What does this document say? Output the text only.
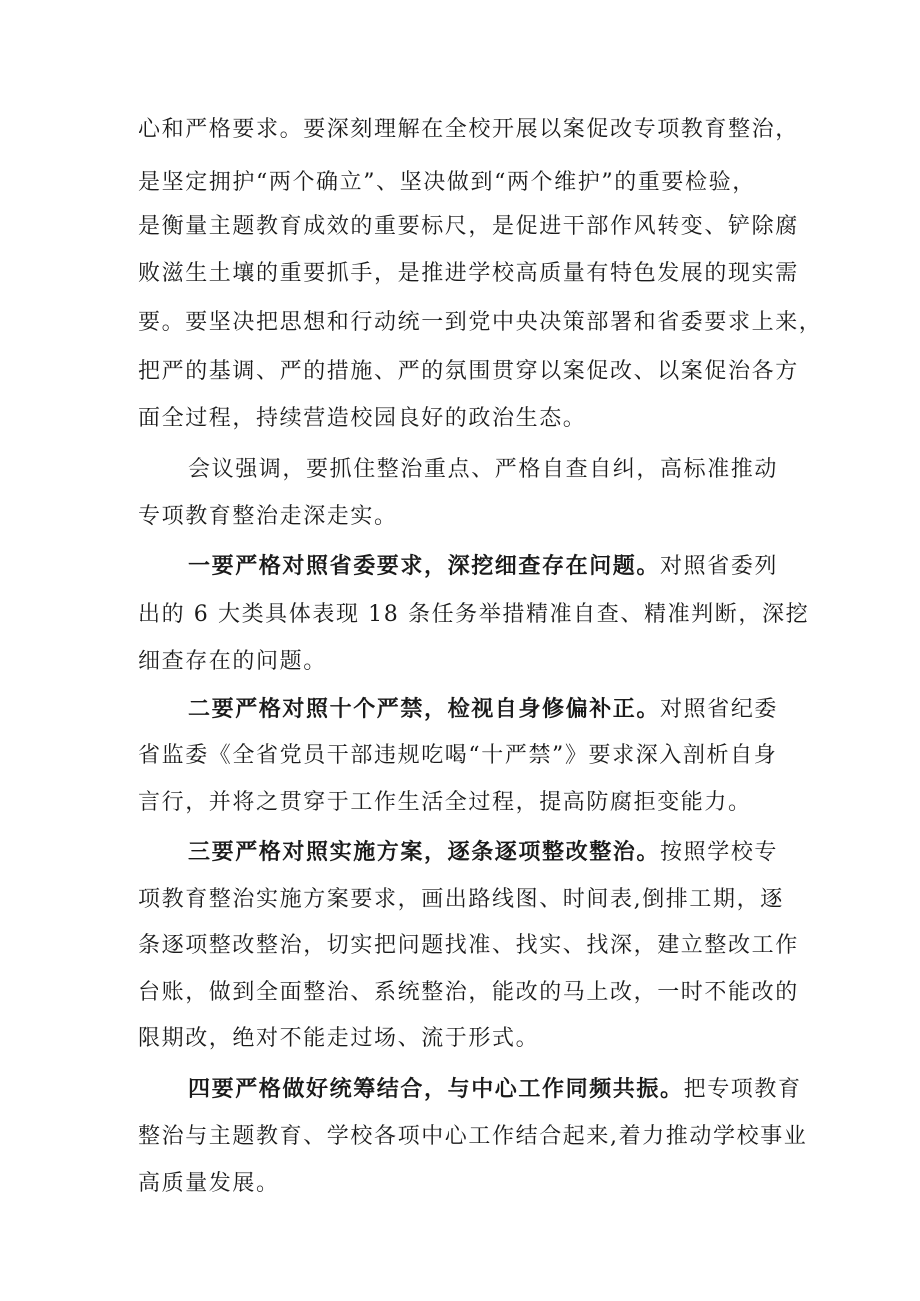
心和严格要求。要深刻理解在全校开展以案促改专项教育整治，
是坚定拥护“两个确立”、坚决做到“两个维护”的重要检验，
是衡量主题教育成效的重要标尺，是促进干部作风转变、铲除腐
败滋生土壤的重要抓手，是推进学校高质量有特色发展的现实需
要。要坚决把思想和行动统一到党中央决策部署和省委要求上来，
把严的基调、严的措施、严的氛围贯穿以案促改、以案促治各方
面全过程，持续营造校园良好的政治生态。
会议强调，要抓住整治重点、严格自查自纠，高标准推动
专项教育整治走深走实。
一要严格对照省委要求，深挖细查存在问题。对照省委列
出的 6 大类具体表现 18 条任务举措精准自查、精准判断，深挖
细查存在的问题。
二要严格对照十个严禁，检视自身修偏补正。对照省纪委
省监委《全省党员干部违规吃喝“十严禁”》要求深入剖析自身
言行，并将之贯穿于工作生活全过程，提高防腐拒变能力。
三要严格对照实施方案，逐条逐项整改整治。按照学校专
项教育整治实施方案要求，画出路线图、时间表,倒排工期，逐
条逐项整改整治，切实把问题找准、找实、找深，建立整改工作
台账，做到全面整治、系统整治，能改的马上改，一时不能改的
限期改，绝对不能走过场、流于形式。
四要严格做好统筹结合，与中心工作同频共振。把专项教育
整治与主题教育、学校各项中心工作结合起来,着力推动学校事业
高质量发展。
